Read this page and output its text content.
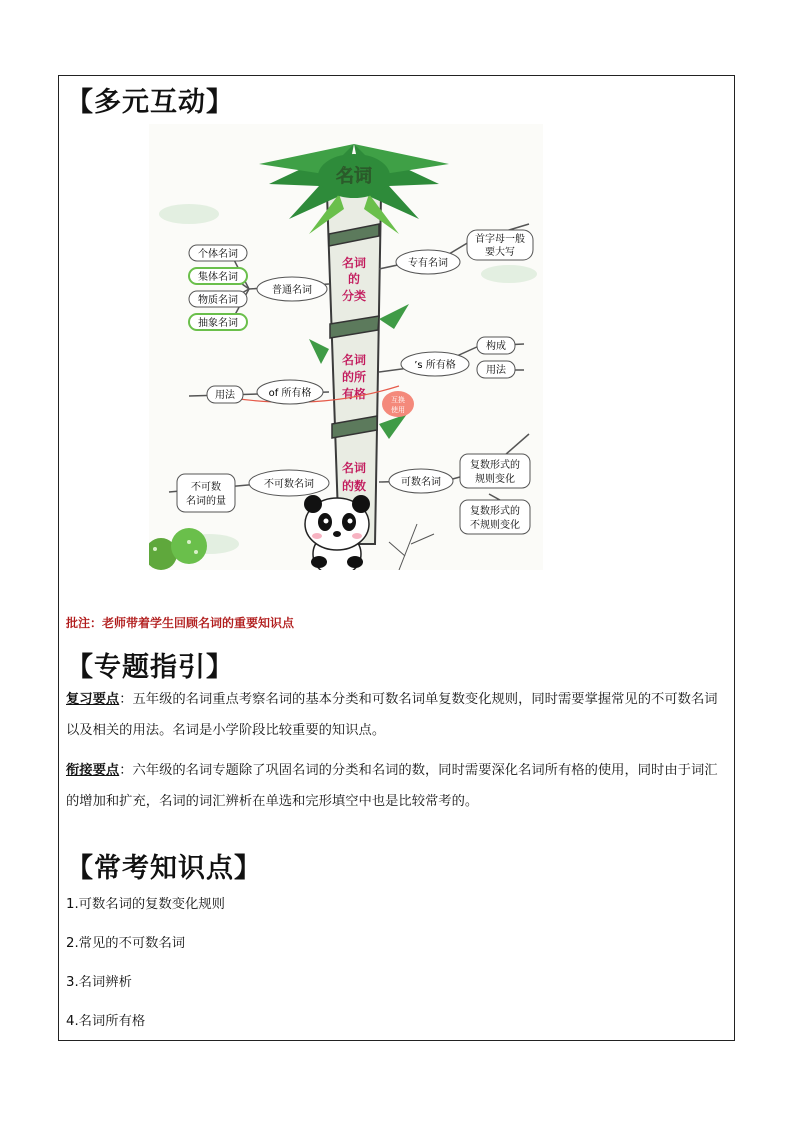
【多元互动】
名词
名词
的
分类
名词
的所
有格
名词
的数
个体名词
集体名词
物质名词
抽象名词
普通名词
专有名词
首字母一般
要大写
of 所有格
用法
’s 所有格
构成
用法
互换
使用
不可数名词
不可数
名词的量
可数名词
复数形式的
规则变化
复数形式的
不规则变化
批注：老师带着学生回顾名词的重要知识点
【专题指引】
复习要点：五年级的名词重点考察名词的基本分类和可数名词单复数变化规则，同时需要掌握常见的不可数名词以及相关的用法。名词是小学阶段比较重要的知识点。
衔接要点：六年级的名词专题除了巩固名词的分类和名词的数，同时需要深化名词所有格的使用，同时由于词汇的增加和扩充，名词的词汇辨析在单选和完形填空中也是比较常考的。
【常考知识点】
1.可数名词的复数变化规则
2.常见的不可数名词
3.名词辨析
4.名词所有格
